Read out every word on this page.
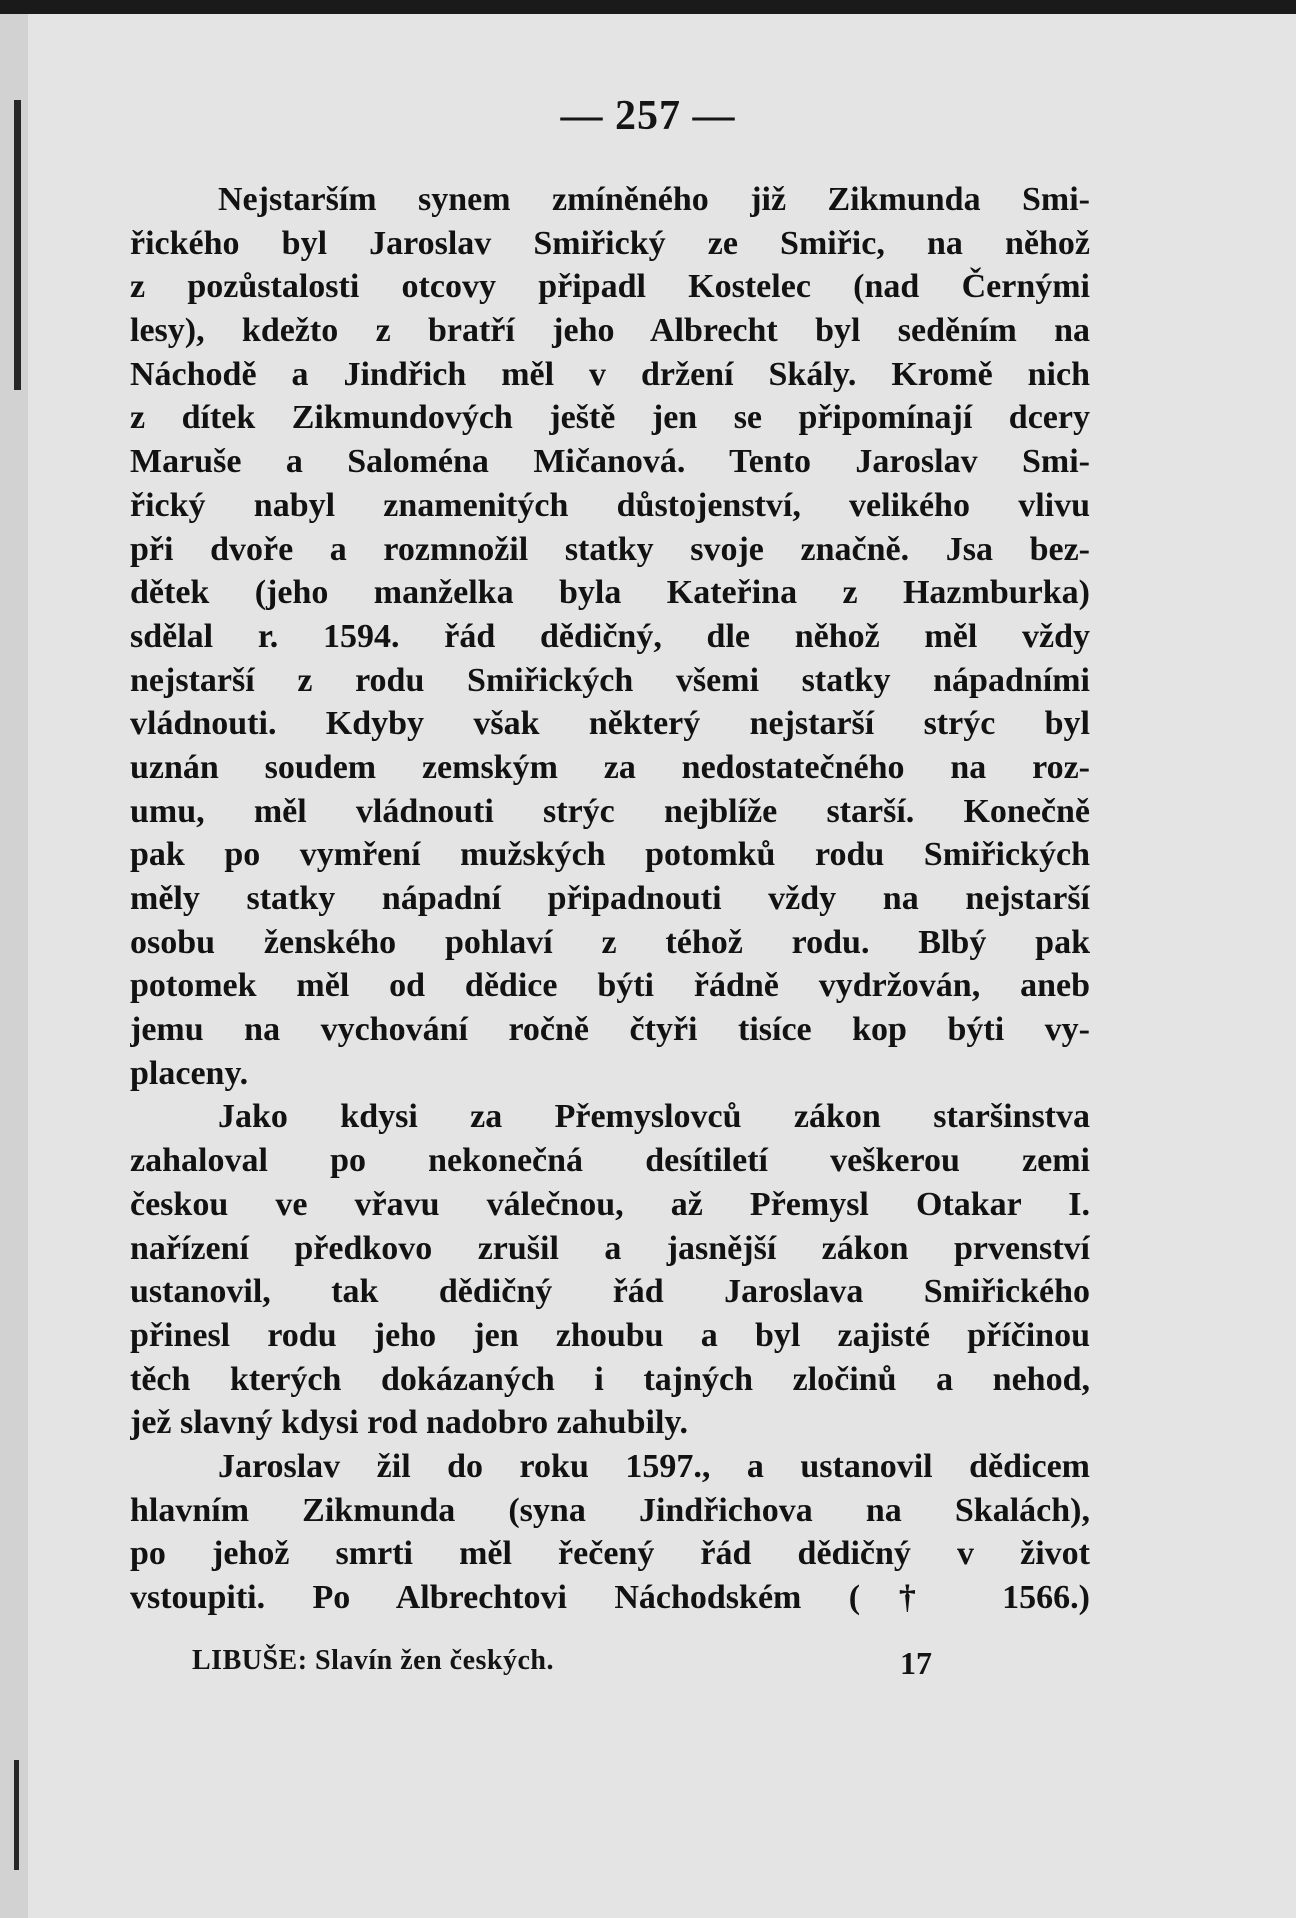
— 257 —
Nejstarším synem zmíněného již Zikmunda Smi-
řického byl Jaroslav Smiřický ze Smiřic, na něhož
z pozůstalosti otcovy připadl Kostelec (nad Černými
lesy), kdežto z bratří jeho Albrecht byl seděním na
Náchodě a Jindřich měl v držení Skály. Kromě nich
z dítek Zikmundových ještě jen se připomínají dcery
Maruše a Saloména Mičanová. Tento Jaroslav Smi-
řický nabyl znamenitých důstojenství, velikého vlivu
při dvoře a rozmnožil statky svoje značně. Jsa bez-
dětek (jeho manželka byla Kateřina z Hazmburka)
sdělal r. 1594. řád dědičný, dle něhož měl vždy
nejstarší z rodu Smiřických všemi statky nápadními
vládnouti. Kdyby však některý nejstarší strýc byl
uznán soudem zemským za nedostatečného na roz-
umu, měl vládnouti strýc nejblíže starší. Konečně
pak po vymření mužských potomků rodu Smiřických
měly statky nápadní připadnouti vždy na nejstarší
osobu ženského pohlaví z téhož rodu. Blbý pak
potomek měl od dědice býti řádně vydržován, aneb
jemu na vychování ročně čtyři tisíce kop býti vy-
placeny.
Jako kdysi za Přemyslovců zákon staršinstva
zahaloval po nekonečná desítiletí veškerou zemi
českou ve vřavu válečnou, až Přemysl Otakar I.
nařízení předkovo zrušil a jasnější zákon prvenství
ustanovil, tak dědičný řád Jaroslava Smiřického
přinesl rodu jeho jen zhoubu a byl zajisté příčinou
těch kterých dokázaných i tajných zločinů a nehod,
jež slavný kdysi rod nadobro zahubily.
Jaroslav žil do roku 1597., a ustanovil dědicem
hlavním Zikmunda (syna Jindřichova na Skalách),
po jehož smrti měl řečený řád dědičný v život
vstoupiti. Po Albrechtovi Náchodském († 1566.)
LIBUŠE: Slavín žen českých.	17
